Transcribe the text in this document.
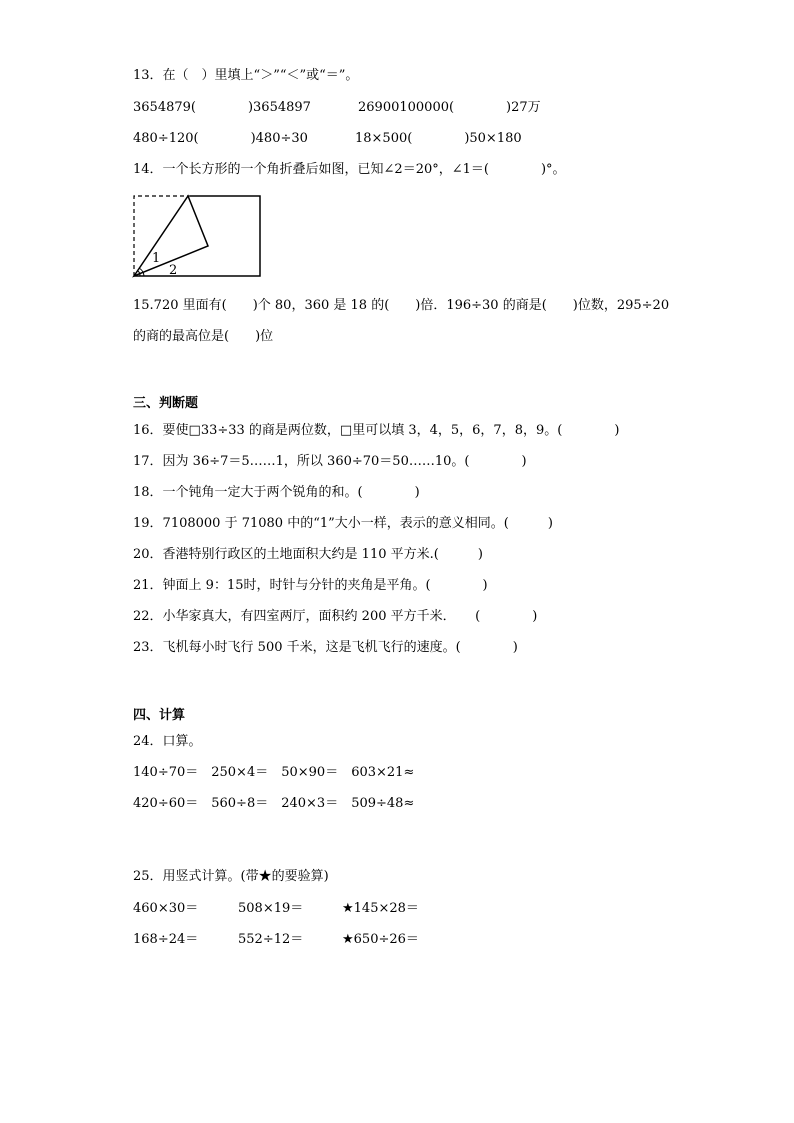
13．在（　）里填上“＞”“＜”或“＝”。
3654879(　　　　)3654897	26900100000(　　　　)27万
480÷120(　　　　)480÷30	18×500(　　　　)50×180
14．一个长方形的一个角折叠后如图，已知∠2＝20°，∠1＝(　　　　)°。
1
2
15.720 里面有(　　)个 80，360 是 18 的(　　)倍．196÷30 的商是(　　)位数，295÷20
的商的最高位是(　　)位
三、判断题
16．要使□33÷33 的商是两位数，□里可以填 3，4，5，6，7，8，9。(　　　　)
17．因为 36÷7＝5……1，所以 360÷70＝50……10。(　　　　)
18．一个钝角一定大于两个锐角的和。(　　　　)
19．7108000 于 71080 中的“1”大小一样，表示的意义相同。(　　　)
20．香港特别行政区的土地面积大约是 110 平方米.(　　　)
21．钟面上 9：15时，时针与分针的夹角是平角。(　　　　)
22．小华家真大，有四室两厅，面积约 200 平方千米．　　(　　　　)
23．飞机每小时飞行 500 千米，这是飞机飞行的速度。(　　　　)
四、计算
24．口算。
140÷70＝　250×4＝　50×90＝　603×21≈
420÷60＝　560÷8＝　240×3＝　509÷48≈
25．用竖式计算。(带★的要验算)
460×30＝	508×19＝	★145×28＝
168÷24＝	552÷12＝	★650÷26＝
